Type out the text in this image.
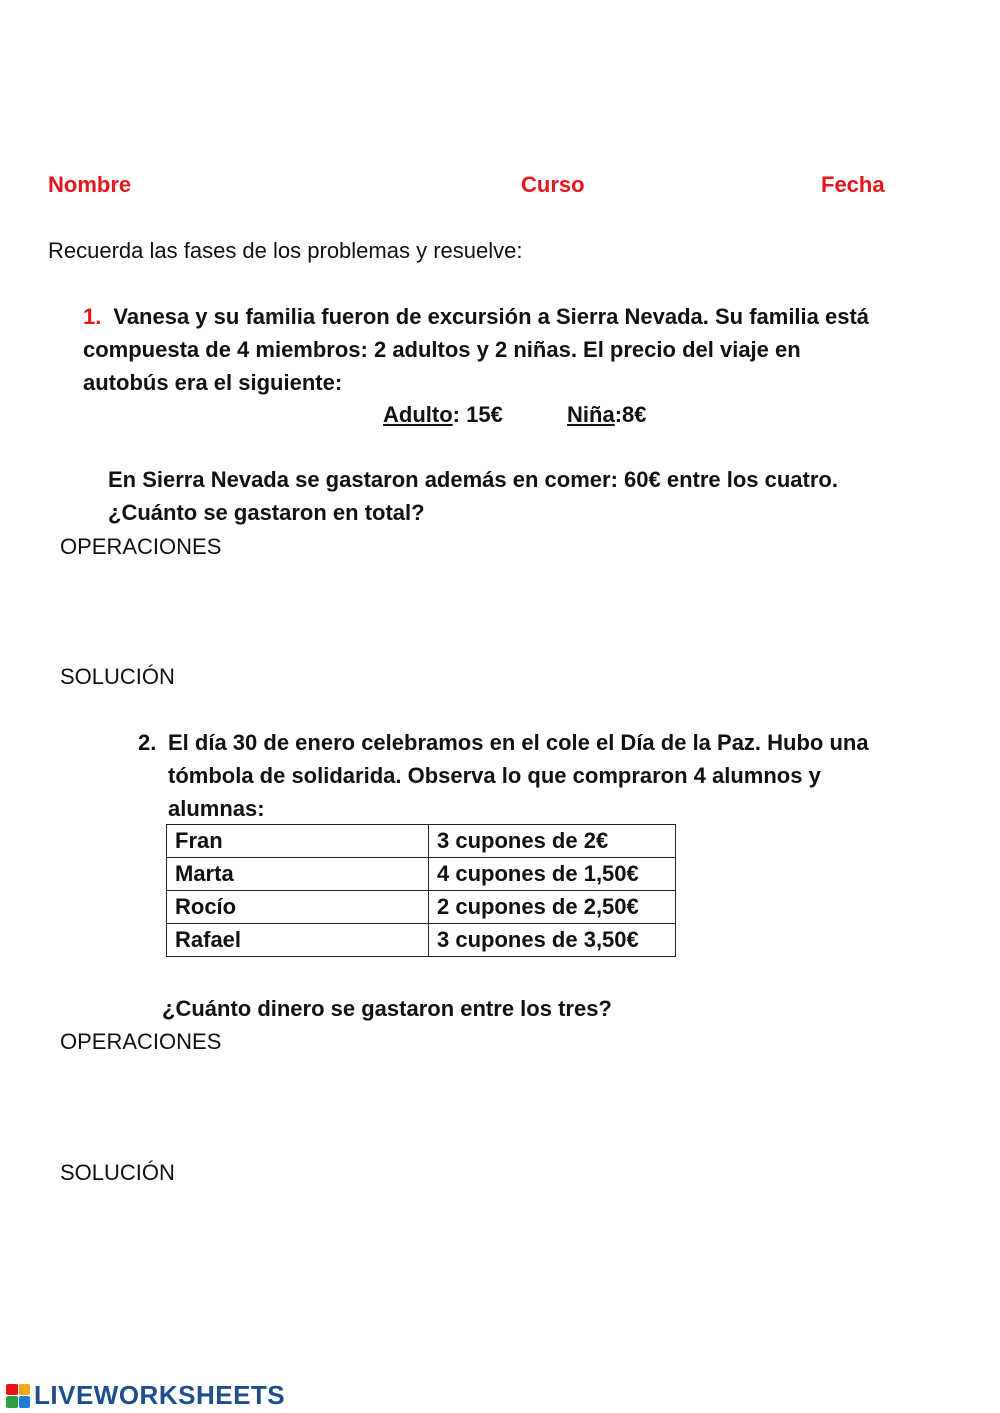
Nombre	Curso	Fecha
Recuerda las fases de los problemas y resuelve:
1. Vanesa y su familia fueron de excursión a Sierra Nevada. Su familia está
compuesta de 4 miembros: 2 adultos y 2 niñas. El precio del viaje en
autobús era el siguiente:
Adulto: 15€	Niña:8€
En Sierra Nevada se gastaron además en comer: 60€ entre los cuatro.
¿Cuánto se gastaron en total?
OPERACIONES
SOLUCIÓN
2. El día 30 de enero celebramos en el cole el Día de la Paz. Hubo una
tómbola de solidarida. Observa lo que compraron 4 alumnos y
alumnas:
Fran	3 cupones de 2€
Marta	4 cupones de 1,50€
Rocío	2 cupones de 2,50€
Rafael	3 cupones de 3,50€
¿Cuánto dinero se gastaron entre los tres?
OPERACIONES
SOLUCIÓN
LIVEWORKSHEETS
